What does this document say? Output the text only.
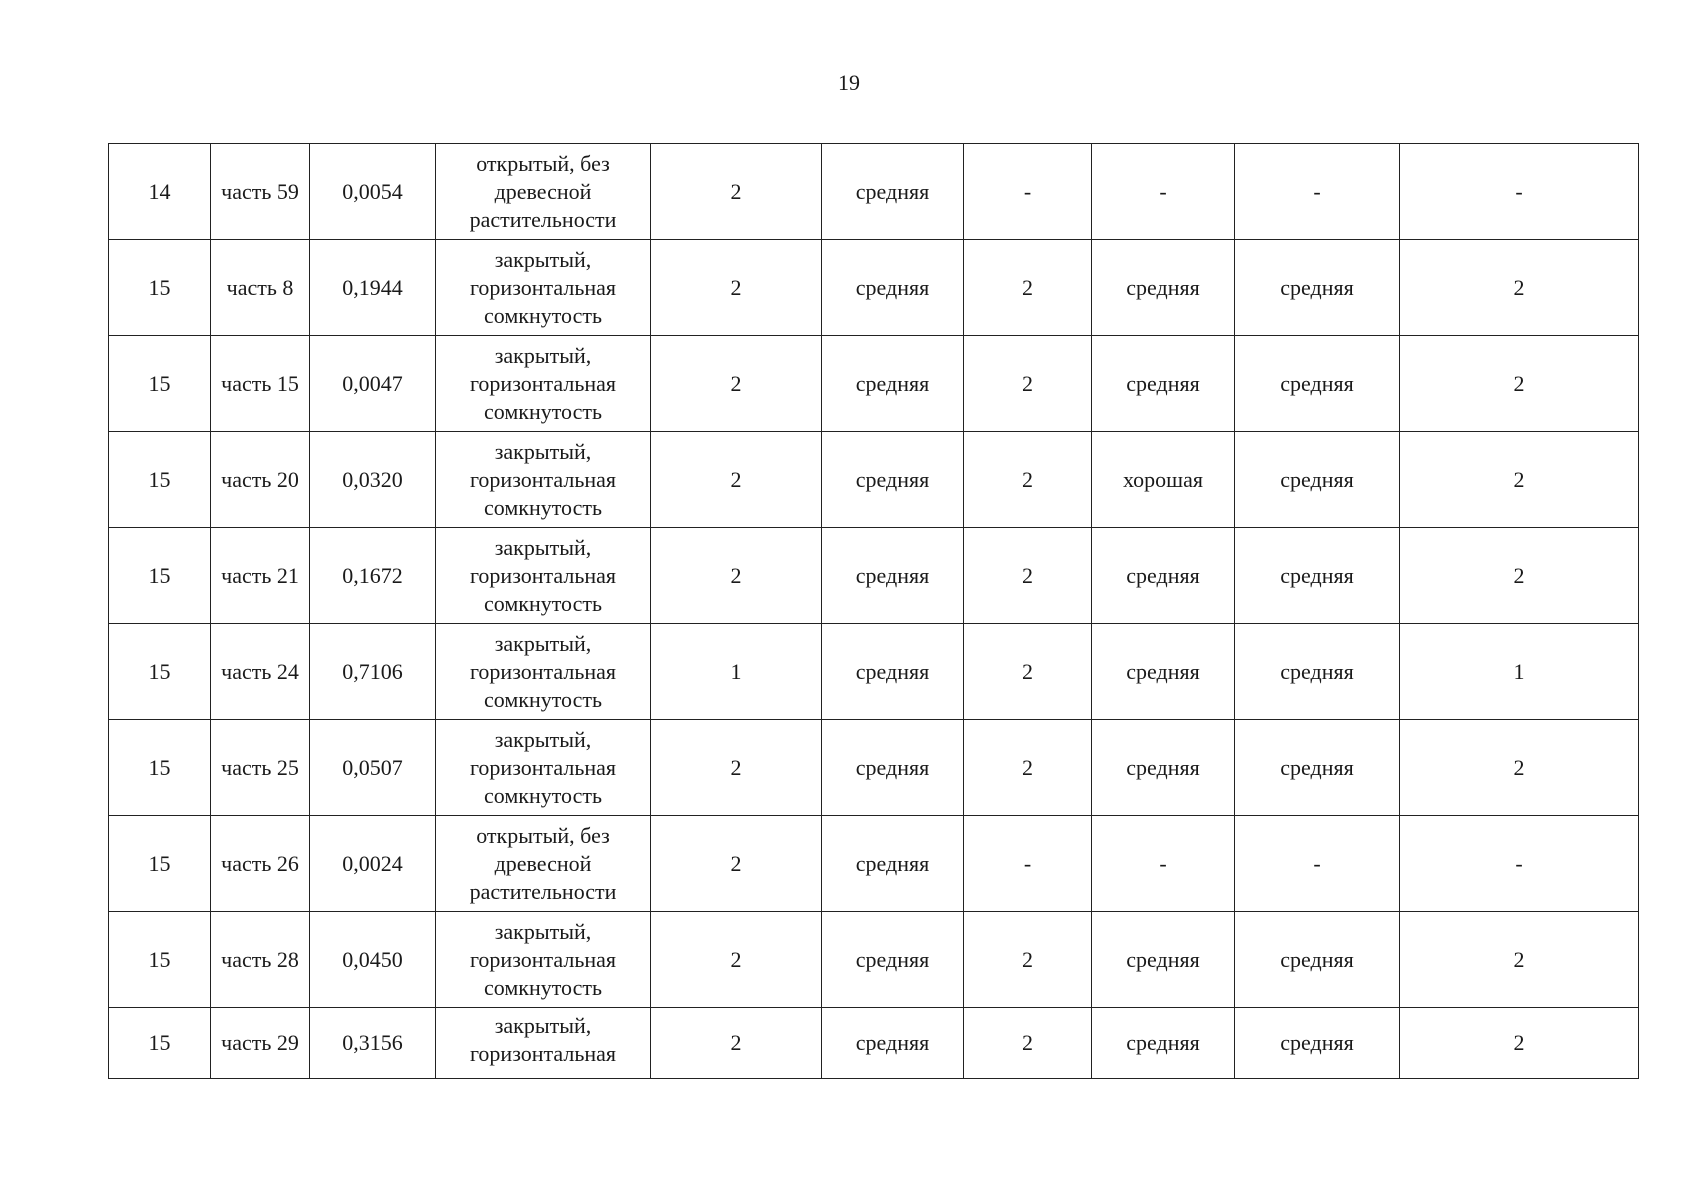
19
14	часть 59	0,0054	открытый, без
древесной
растительности	2	средняя	-	-	-	-
15	часть 8	0,1944	закрытый,
горизонтальная
сомкнутость	2	средняя	2	средняя	средняя	2
15	часть 15	0,0047	закрытый,
горизонтальная
сомкнутость	2	средняя	2	средняя	средняя	2
15	часть 20	0,0320	закрытый,
горизонтальная
сомкнутость	2	средняя	2	хорошая	средняя	2
15	часть 21	0,1672	закрытый,
горизонтальная
сомкнутость	2	средняя	2	средняя	средняя	2
15	часть 24	0,7106	закрытый,
горизонтальная
сомкнутость	1	средняя	2	средняя	средняя	1
15	часть 25	0,0507	закрытый,
горизонтальная
сомкнутость	2	средняя	2	средняя	средняя	2
15	часть 26	0,0024	открытый, без
древесной
растительности	2	средняя	-	-	-	-
15	часть 28	0,0450	закрытый,
горизонтальная
сомкнутость	2	средняя	2	средняя	средняя	2
15	часть 29	0,3156	закрытый,
горизонтальная	2	средняя	2	средняя	средняя	2
